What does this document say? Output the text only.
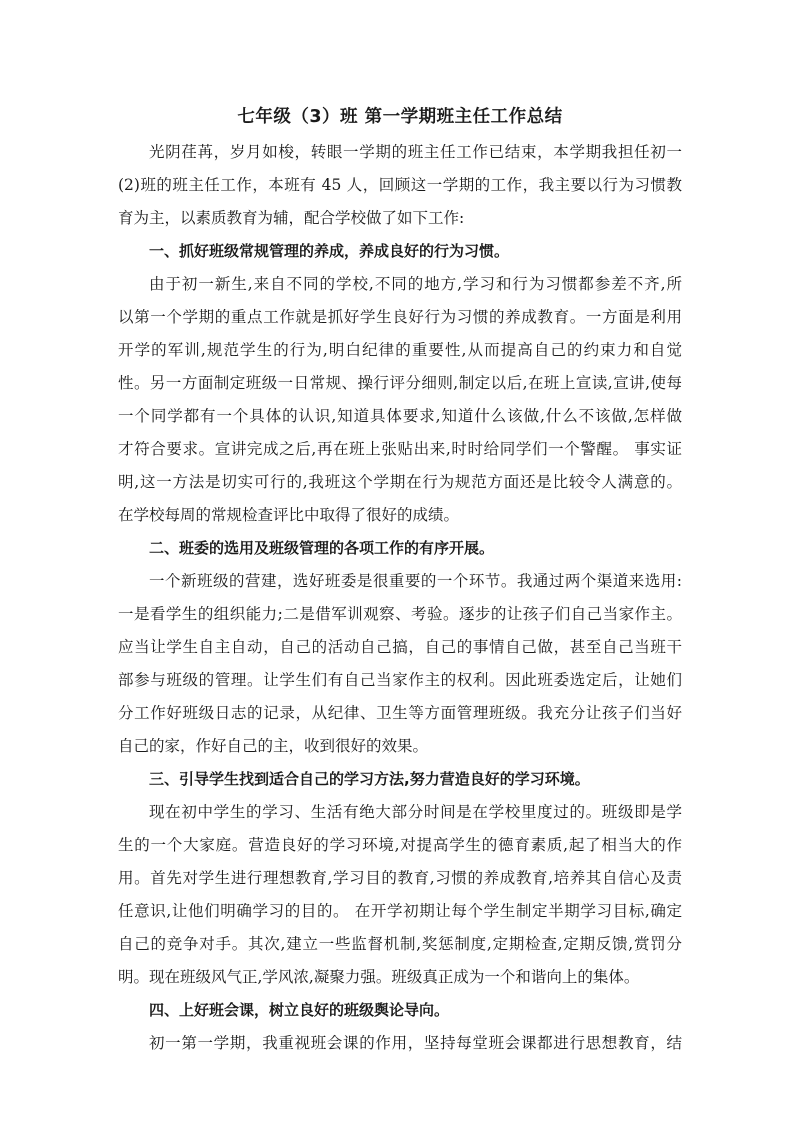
七年级（3）班 第一学期班主任工作总结
光阴荏苒，岁月如梭，转眼一学期的班主任工作已结束，本学期我担任初一
(2)班的班主任工作，本班有 45 人，回顾这一学期的工作，我主要以行为习惯教
育为主，以素质教育为辅，配合学校做了如下工作:
一、抓好班级常规管理的养成，养成良好的行为习惯。
由于初一新生,来自不同的学校,不同的地方,学习和行为习惯都参差不齐,所
以第一个学期的重点工作就是抓好学生良好行为习惯的养成教育。一方面是利用
开学的军训,规范学生的行为,明白纪律的重要性,从而提高自己的约束力和自觉
性。另一方面制定班级一日常规、操行评分细则,制定以后,在班上宣读,宣讲,使每
一个同学都有一个具体的认识,知道具体要求,知道什么该做,什么不该做,怎样做
才符合要求。宣讲完成之后,再在班上张贴出来,时时给同学们一个警醒。 事实证
明,这一方法是切实可行的,我班这个学期在行为规范方面还是比较令人满意的。
在学校每周的常规检查评比中取得了很好的成绩。
二、班委的选用及班级管理的各项工作的有序开展。
一个新班级的营建，选好班委是很重要的一个环节。我通过两个渠道来选用:
一是看学生的组织能力;二是借军训观察、考验。逐步的让孩子们自己当家作主。
应当让学生自主自动，自己的活动自己搞，自己的事情自己做，甚至自己当班干
部参与班级的管理。让学生们有自己当家作主的权利。因此班委选定后，让她们
分工作好班级日志的记录，从纪律、卫生等方面管理班级。我充分让孩子们当好
自己的家，作好自己的主，收到很好的效果。
三、引导学生找到适合自己的学习方法,努力营造良好的学习环境。
现在初中学生的学习、生活有绝大部分时间是在学校里度过的。班级即是学
生的一个大家庭。营造良好的学习环境,对提高学生的德育素质,起了相当大的作
用。首先对学生进行理想教育,学习目的教育,习惯的养成教育,培养其自信心及责
任意识,让他们明确学习的目的。 在开学初期让每个学生制定半期学习目标,确定
自己的竞争对手。其次,建立一些监督机制,奖惩制度,定期检查,定期反馈,赏罚分
明。现在班级风气正,学风浓,凝聚力强。班级真正成为一个和谐向上的集体。
四、上好班会课，树立良好的班级舆论导向。
初一第一学期，我重视班会课的作用，坚持每堂班会课都进行思想教育，结
